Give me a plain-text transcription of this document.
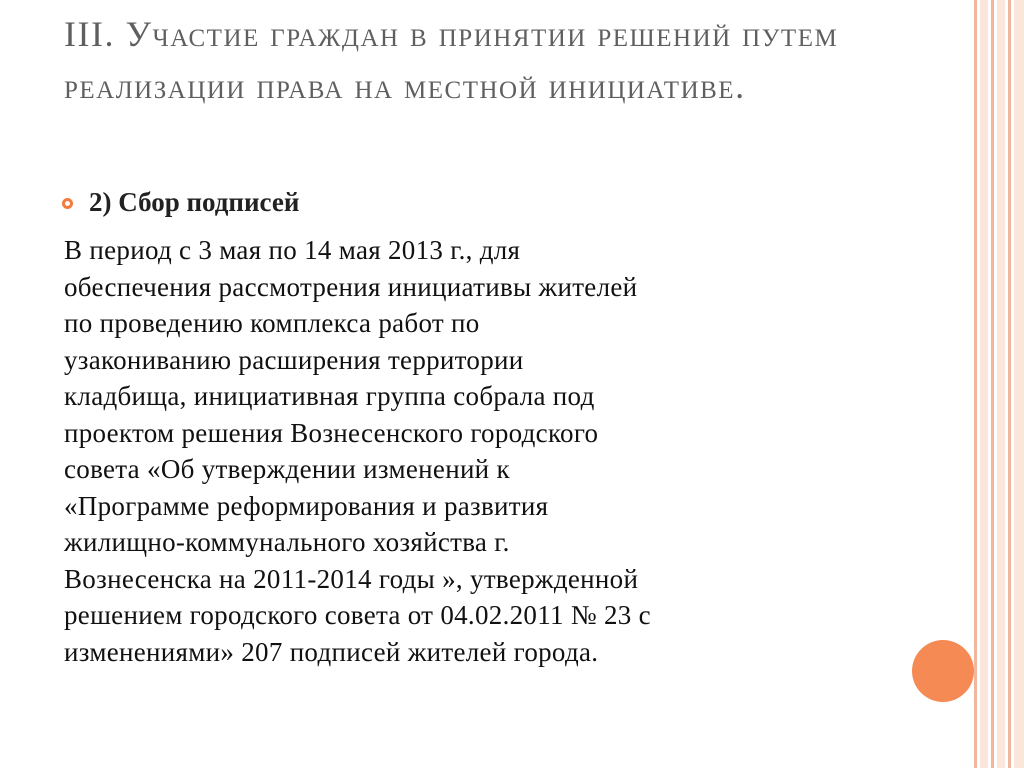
III. Участие граждан в принятии решений путем реализации права на местной инициативе.
2) Сбор подписей

В период с 3 мая по 14 мая 2013 г., для
обеспечения рассмотрения инициативы жителей
по проведению комплекса работ по
узакониванию расширения территории
кладбища, инициативная группа собрала под
проектом решения Вознесенского городского
совета «Об утверждении изменений к
«Программе реформирования и развития
жилищно-коммунального хозяйства г.
Вознесенска на 2011-2014 годы », утвержденной
решением городского совета от 04.02.2011 № 23 с
изменениями» 207 подписей жителей города.
